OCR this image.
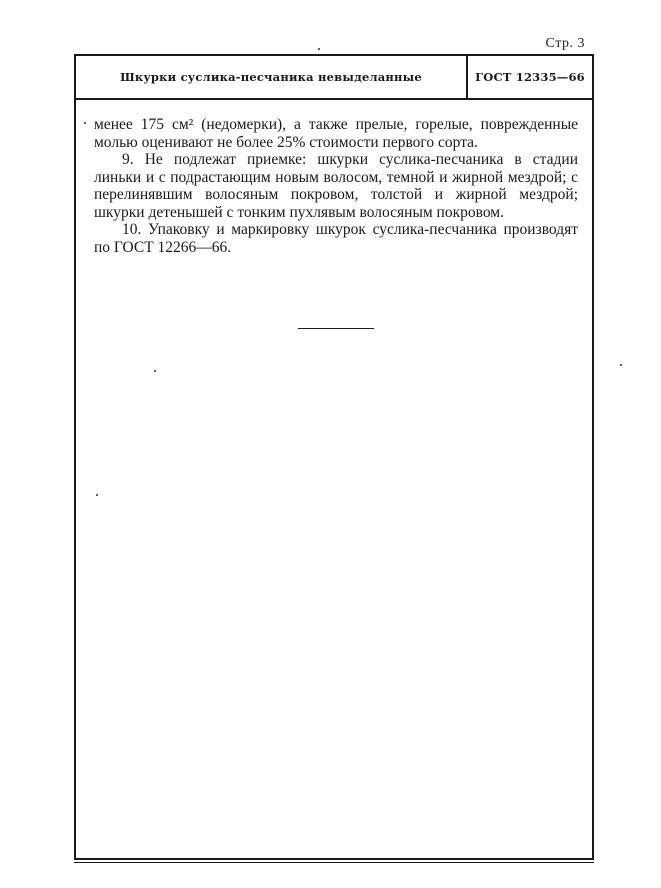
Стр. 3
Шкурки суслика-песчаника невыделанные	ГОСТ 12335—66

менее 175 см² (недомерки), а также прелые, горелые, поврежденные молью оценивают не более 25% стоимости первого сорта.

9. Не подлежат приемке: шкурки суслика-песчаника в стадии линьки и с подрастающим новым волосом, темной и жирной мездрой; с перелинявшим волосяным покровом, толстой и жирной мездрой; шкурки детенышей с тонким пухлявым волосяным покровом.

10. Упаковку и маркировку шкурок суслика-песчаника производят по ГОСТ 12266—66.
